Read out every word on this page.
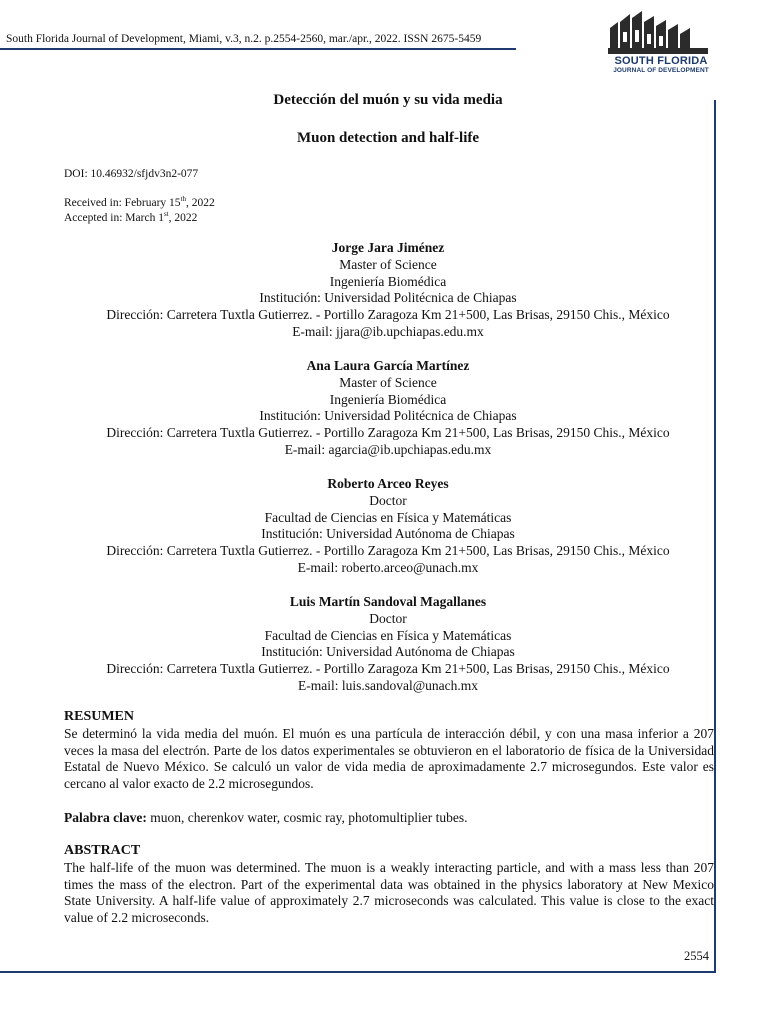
South Florida Journal of Development, Miami, v.3, n.2. p.2554-2560, mar./apr., 2022. ISSN 2675-5459
SOUTH FLORIDA
JOURNAL OF DEVELOPMENT
Detección del muón y su vida media
Muon detection and half-life
DOI: 10.46932/sfjdv3n2-077
Received in: February 15th, 2022
Accepted in: March 1st, 2022
Jorge Jara Jiménez
Master of Science
Ingeniería Biomédica
Institución: Universidad Politécnica de Chiapas
Dirección: Carretera Tuxtla Gutierrez. - Portillo Zaragoza Km 21+500, Las Brisas, 29150 Chis., México
E-mail: jjara@ib.upchiapas.edu.mx
Ana Laura García Martínez
Master of Science
Ingeniería Biomédica
Institución: Universidad Politécnica de Chiapas
Dirección: Carretera Tuxtla Gutierrez. - Portillo Zaragoza Km 21+500, Las Brisas, 29150 Chis., México
E-mail: agarcia@ib.upchiapas.edu.mx
Roberto Arceo Reyes
Doctor
Facultad de Ciencias en Física y Matemáticas
Institución: Universidad Autónoma de Chiapas
Dirección: Carretera Tuxtla Gutierrez. - Portillo Zaragoza Km 21+500, Las Brisas, 29150 Chis., México
E-mail: roberto.arceo@unach.mx
Luis Martín Sandoval Magallanes
Doctor
Facultad de Ciencias en Física y Matemáticas
Institución: Universidad Autónoma de Chiapas
Dirección: Carretera Tuxtla Gutierrez. - Portillo Zaragoza Km 21+500, Las Brisas, 29150 Chis., México
E-mail: luis.sandoval@unach.mx
RESUMEN
Se determinó la vida media del muón. El muón es una partícula de interacción débil, y con una masa inferior a 207 veces la masa del electrón. Parte de los datos experimentales se obtuvieron en el laboratorio de física de la Universidad Estatal de Nuevo México. Se calculó un valor de vida media de aproximadamente 2.7 microsegundos. Este valor es cercano al valor exacto de 2.2 microsegundos.
Palabra clave: muon, cherenkov water, cosmic ray, photomultiplier tubes.
ABSTRACT
The half-life of the muon was determined. The muon is a weakly interacting particle, and with a mass less than 207 times the mass of the electron. Part of the experimental data was obtained in the physics laboratory at New Mexico State University. A half-life value of approximately 2.7 microseconds was calculated. This value is close to the exact value of 2.2 microseconds.
2554
